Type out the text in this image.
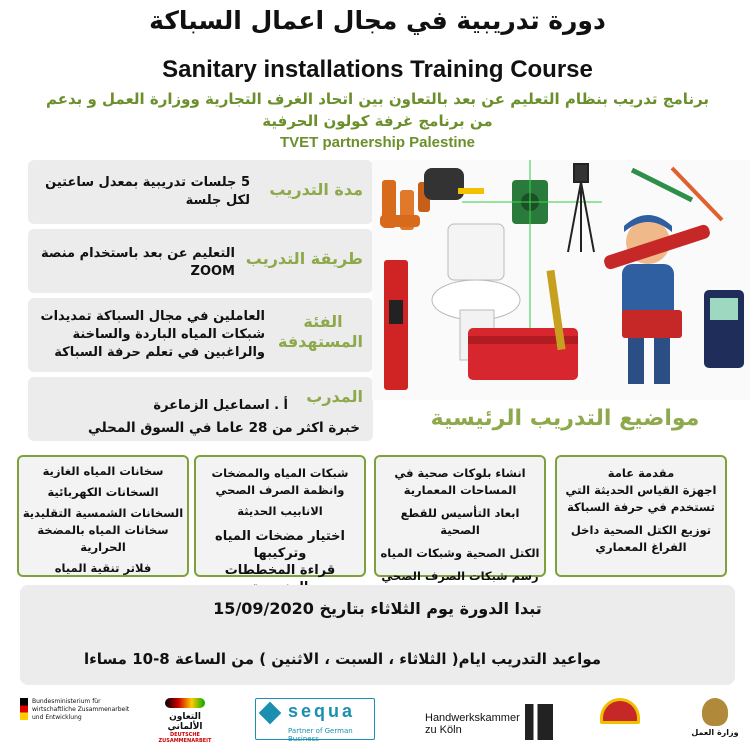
دورة تدريبية في مجال اعمال السباكة
Sanitary installations Training Course
برنامج تدريب بنظام التعليم عن بعد بالتعاون بين اتحاد الغرف التجارية ووزارة العمل و بدعم
من برنامج غرفة كولون الحرفية
TVET partnership Palestine
مدة التدريب
5 جلسات تدريبية بمعدل ساعتين لكل جلسة
طريقة التدريب
التعليم عن بعد باستخدام منصة ZOOM
الفئة المستهدفة
العاملين في مجال السباكة تمديدات شبكات المياه الباردة والساخنة والراغبين في تعلم حرفة السباكة
المدرب
أ . اسماعيل الزماعرة
خبرة اكثر من 28 عاما في السوق المحلي	مواضيع التدريب الرئيسية
مقدمة عامة
اجهزة القياس الحديثة التي تستخدم في حرفة السباكة
توزيع الكتل الصحية داخل الفراغ المعماري
انشاء بلوكات صحية في المساحات المعمارية
ابعاد التأسيس للقطع الصحية
الكتل الصحية وشبكات المياه
رسم شبكات الصرف الصحي
شبكات المياه والمضخات وانظمة الصرف الصحي
الانابيب الحديثة
اختيار مضخات المياه وتركيبها
قراءة المخططات
سخانات المياه الغازية
السخانات الكهربائية
السخانات الشمسية التقليدية
سخانات المياه بالمضخة الحرارية
فلاتر تنقية المياه
تبدا الدورة يوم الثلاثاء بتاريخ 15/09/2020
مواعيد التدريب ايام( الثلاثاء ، السبت ، الاثنين ) من الساعة 8-10 مساءا
Bundesministerium für
wirtschaftliche Zusammenarbeit
und Entwicklung	التعاون الألماني
DEUTSCHE ZUSAMMENARBEIT
sequa
Partner of German Business
Handwerkskammer
zu Köln	وزارة العمل
